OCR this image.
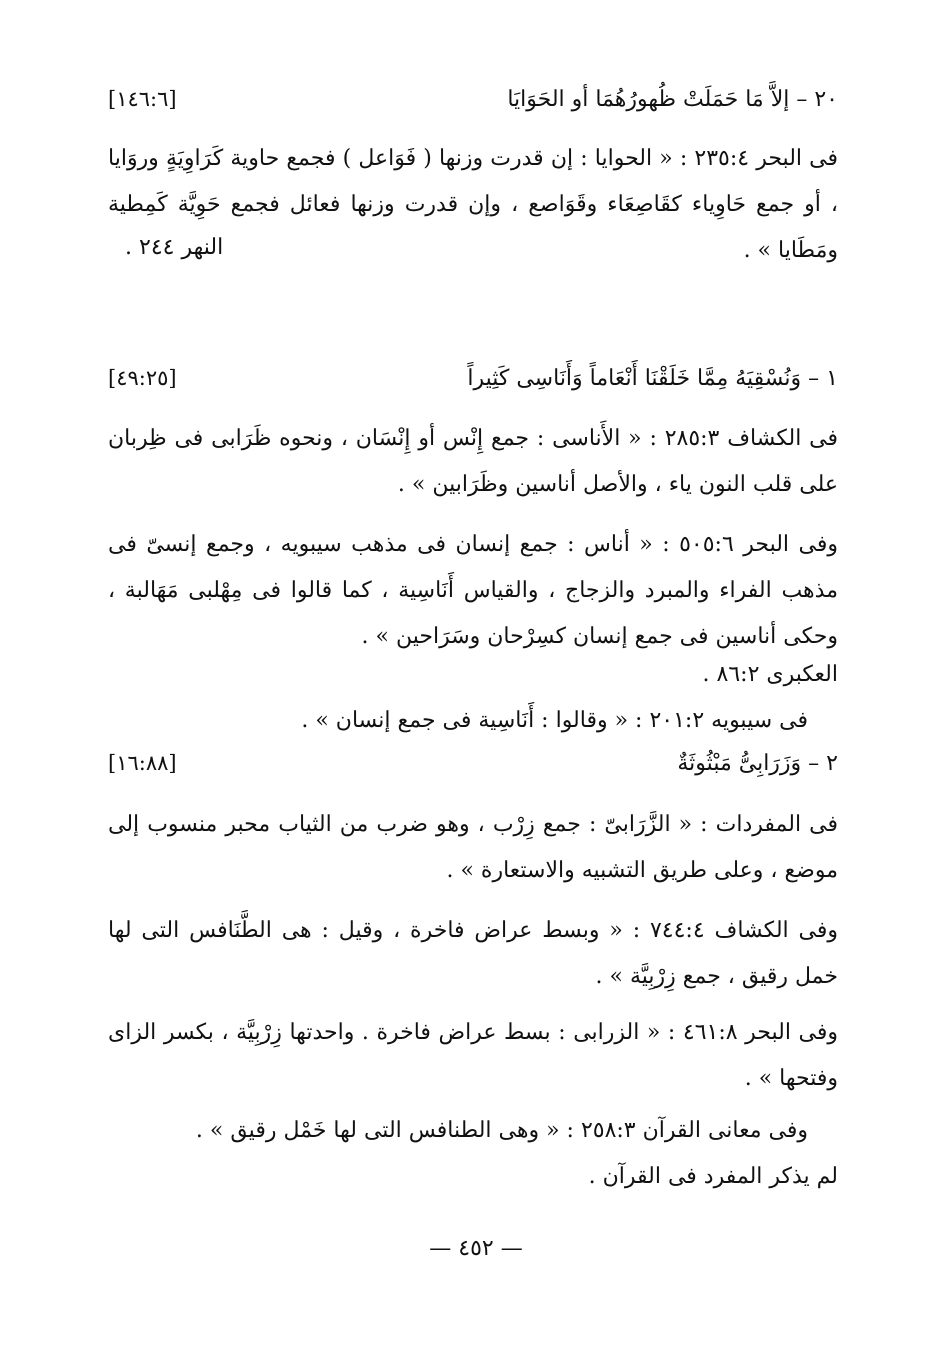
٢٠ – إلاَّ مَا حَمَلَتْ ظُهورُهُمَا أو الحَوَايَا
[١٤٦:٦]
فى البحر ٢٣٥:٤ : « الحوايا : إن قدرت وزنها ( فَوَاعل ) فجمع حاوية كَرَاوِيَةٍ وروَايا ، أو جمع حَاوِياء كقَاصِعَاء وقَوَاصع ، وإن قدرت وزنها فعائل فجمع حَوِيَّة كَمِطية ومَطَايا » .
النهر ٢٤٤ .
١ – وَنُسْقِيَهُ مِمَّا خَلَقْنَا أَنْعَاماً وَأَنَاسِى كَثِيراً
[٤٩:٢٥]
فى الكشاف ٢٨٥:٣ : « الأَناسى : جمع إِنْس أو إِنْسَان ، ونحوه ظَرَابى فى ظِربان على قلب النون ياء ، والأصل أناسين وظَرَابين » .
وفى البحر ٥٠٥:٦ : « أناس : جمع إنسان فى مذهب سيبويه ، وجمع إنسىّ فى مذهب الفراء والمبرد والزجاج ، والقياس أَنَاسِية ، كما قالوا فى مِهْلبى مَهَالبة ، وحكى أناسين فى جمع إنسان كسِرْحان وسَرَاحين » .
العكبرى ٨٦:٢ .
فى سيبويه ٢٠١:٢ : « وقالوا : أَنَاسِية فى جمع إنسان » .
٢ – وَزَرَابِىُّ مَبْثُوثَةٌ
[١٦:٨٨]
فى المفردات : « الزَّرَابىّ : جمع زِرْب ، وهو ضرب من الثياب محبر منسوب إلى موضع ، وعلى طريق التشبيه والاستعارة » .
وفى الكشاف ٧٤٤:٤ : « وبسط عراض فاخرة ، وقيل : هى الطَّنَافس التى لها خمل رقيق ، جمع زِرْبِيَّة » .
وفى البحر ٤٦١:٨ : « الزرابى : بسط عراض فاخرة . واحدتها زِرْبِيَّة ، بكسر الزاى وفتحها » .
وفى معانى القرآن ٢٥٨:٣ : « وهى الطنافس التى لها خَمْل رقيق » .
لم يذكر المفرد فى القرآن .
— ٤٥٢ —
